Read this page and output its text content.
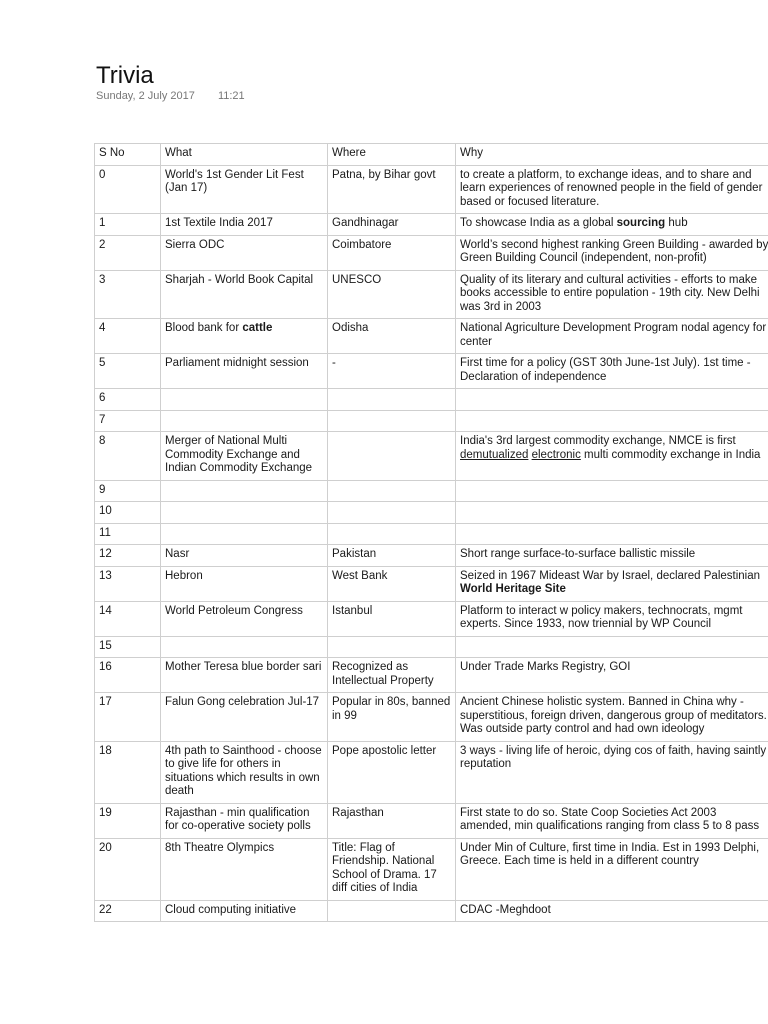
Trivia
Sunday, 2 July 2017 11:21
S No	What	Where	Why
0	World's 1st Gender Lit Fest (Jan 17)	Patna, by Bihar govt	to create a platform, to exchange ideas, and to share and learn experiences of renowned people in the field of gender based or focused literature.
1	1st Textile India 2017	Gandhinagar	To showcase India as a global sourcing hub
2	Sierra ODC	Coimbatore	World’s second highest ranking Green Building - awarded by Green Building Council (independent, non-profit)
3	Sharjah - World Book Capital	UNESCO	Quality of its literary and cultural activities - efforts to make books accessible to entire population - 19th city. New Delhi was 3rd in 2003
4	Blood bank for cattle	Odisha	National Agriculture Development Program nodal agency for center
5	Parliament midnight session	-	First time for a policy (GST 30th June-1st July). 1st time - Declaration of independence
6			
7			
8	Merger of National Multi Commodity Exchange and Indian Commodity Exchange		India's 3rd largest commodity exchange, NMCE is first demutualized electronic multi commodity exchange in India
9			
10			
11			
12	Nasr	Pakistan	Short range surface-to-surface ballistic missile
13	Hebron	West Bank	Seized in 1967 Mideast War by Israel, declared Palestinian World Heritage Site
14	World Petroleum Congress	Istanbul	Platform to interact w policy makers, technocrats, mgmt experts. Since 1933, now triennial by WP Council
15			
16	Mother Teresa blue border sari	Recognized as Intellectual Property	Under Trade Marks Registry, GOI
17	Falun Gong celebration Jul-17	Popular in 80s, banned in 99	Ancient Chinese holistic system. Banned in China why - superstitious, foreign driven, dangerous group of meditators. Was outside party control and had own ideology
18	4th path to Sainthood - choose to give life for others in situations which results in own death	Pope apostolic letter	3 ways - living life of heroic, dying cos of faith, having saintly reputation
19	Rajasthan - min qualification for co-operative society polls	Rajasthan	First state to do so. State Coop Societies Act 2003 amended, min qualifications ranging from class 5 to 8 pass
20	8th Theatre Olympics	Title: Flag of Friendship. National School of Drama. 17 diff cities of India	Under Min of Culture, first time in India. Est in 1993 Delphi, Greece. Each time is held in a different country
22	Cloud computing initiative		CDAC -Meghdoot
